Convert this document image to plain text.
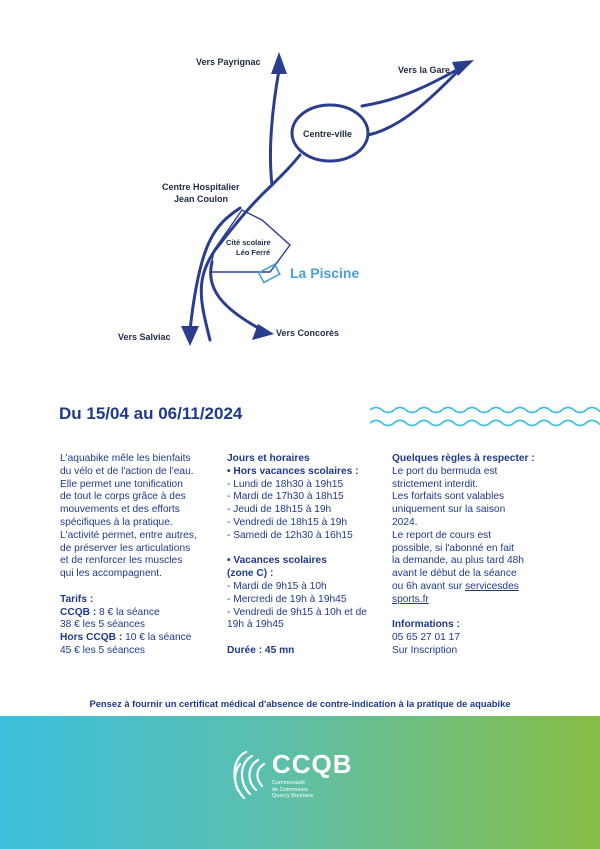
Vers Payrignac
Vers la Gare
Centre-ville
Centre Hospitalier
Jean Coulon
Cité scolaire
Léo Ferré
La Piscine
Vers Salviac	Vers Concorès
Du 15/04 au 06/11/2024

L'aquabike mêle les bienfaits

du vélo et de l'action de l'eau.

Elle permet une tonification

de tout le corps grâce à des

mouvements et des efforts

spécifiques à la pratique.

L'activité permet, entre autres,

de préserver les articulations

et de renforcer les muscles

qui les accompagnent.

Tarifs :

CCQB : 8 € la séance

38 € les 5 séances

Hors CCQB : 10 € la séance

45 € les 5 séances

Jours et horaires

• Hors vacances scolaires :

- Lundi de 18h30 à 19h15

- Mardi de 17h30 à 18h15

- Jeudi de 18h15 à 19h

- Vendredi de 18h15 à 19h

- Samedi de 12h30 à 16h15

• Vacances scolaires

(zone C) :

- Mardi de 9h15 à 10h

- Mercredi de 19h à 19h45

- Vendredi de 9h15 à 10h et de

19h à 19h45

Durée : 45 mn

Quelques règles à respecter :

Le port du bermuda est

strictement interdit.

Les forfaits sont valables

uniquement sur la saison

2024.

Le report de cours est

possible, si l'abonné en fait

la demande, au plus tard 48h

avant le début de la séance

ou 6h avant sur servicesdes

sports.fr

Informations :

05 65 27 01 17

Sur Inscription

Pensez à fournir un certificat médical d'absence de contre-indication à la pratique de aquabike
CCQB
Communauté
de Communes
Quercy Bouriane
